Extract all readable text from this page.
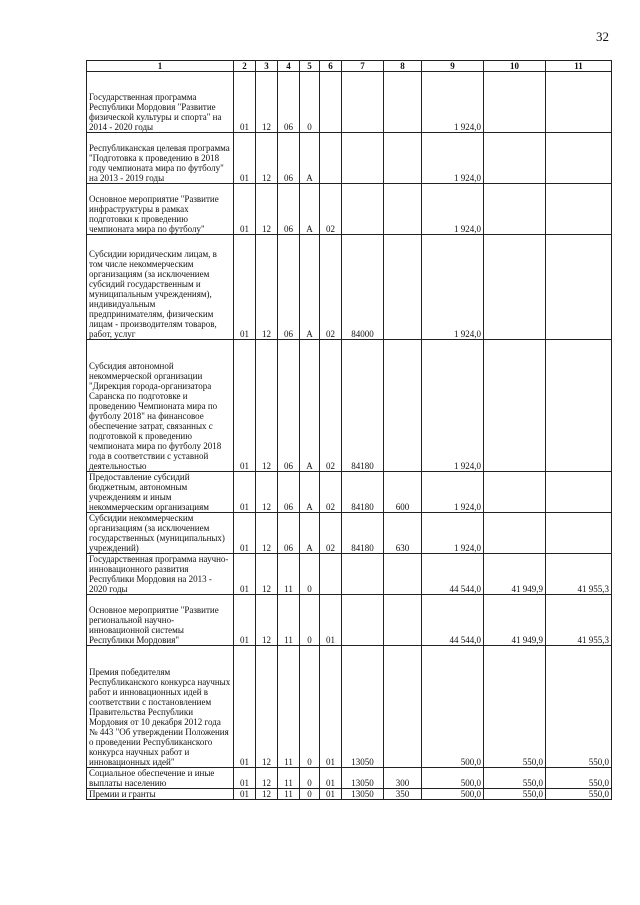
32
1	2	3	4	5	6	7	8	9	10	11
Государственная программа Республики Мордовия "Развитие физической культуры и спорта" на 2014 - 2020 годы	01	12	06	0				1 924,0		
Республиканская целевая программа "Подготовка к проведению в 2018 году чемпионата мира по футболу" на 2013 - 2019 годы	01	12	06	А				1 924,0		
Основное мероприятие "Развитие инфраструктуры в рамках подготовки к проведению чемпионата мира по футболу"	01	12	06	А	02			1 924,0		
Субсидии юридическим лицам, в том числе некоммерческим организациям (за исключением субсидий государственным и муниципальным учреждениям), индивидуальным предпринимателям, физическим лицам - производителям товаров, работ, услуг	01	12	06	А	02	84000		1 924,0		
Субсидия автономной некоммерческой организации "Дирекция города-организатора Саранска по подготовке и проведению Чемпионата мира по футболу 2018" на финансовое обеспечение затрат, связанных с подготовкой к проведению чемпионата мира по футболу 2018 года в соответствии с уставной деятельностью	01	12	06	А	02	84180		1 924,0		
Предоставление субсидий бюджетным, автономным учреждениям и иным некоммерческим организациям	01	12	06	А	02	84180	600	1 924,0		
Субсидии некоммерческим организациям (за исключением государственных (муниципальных) учреждений)	01	12	06	А	02	84180	630	1 924,0		
Государственная программа научно-инновационного развития Республики Мордовия на 2013 - 2020 годы	01	12	11	0				44 544,0	41 949,9	41 955,3
Основное мероприятие "Развитие региональной научно-инновационной системы Республики Мордовия"	01	12	11	0	01			44 544,0	41 949,9	41 955,3
Премия победителям Республиканского конкурса научных работ и инновационных идей в соответствии с постановлением Правительства Республики Мордовия от 10 декабря 2012 года № 443 "Об утверждении Положения о проведении Республиканского конкурса научных работ и инновационных идей"	01	12	11	0	01	13050		500,0	550,0	550,0
Социальное обеспечение и иные выплаты населению	01	12	11	0	01	13050	300	500,0	550,0	550,0
Премии и гранты	01	12	11	0	01	13050	350	500,0	550,0	550,0
